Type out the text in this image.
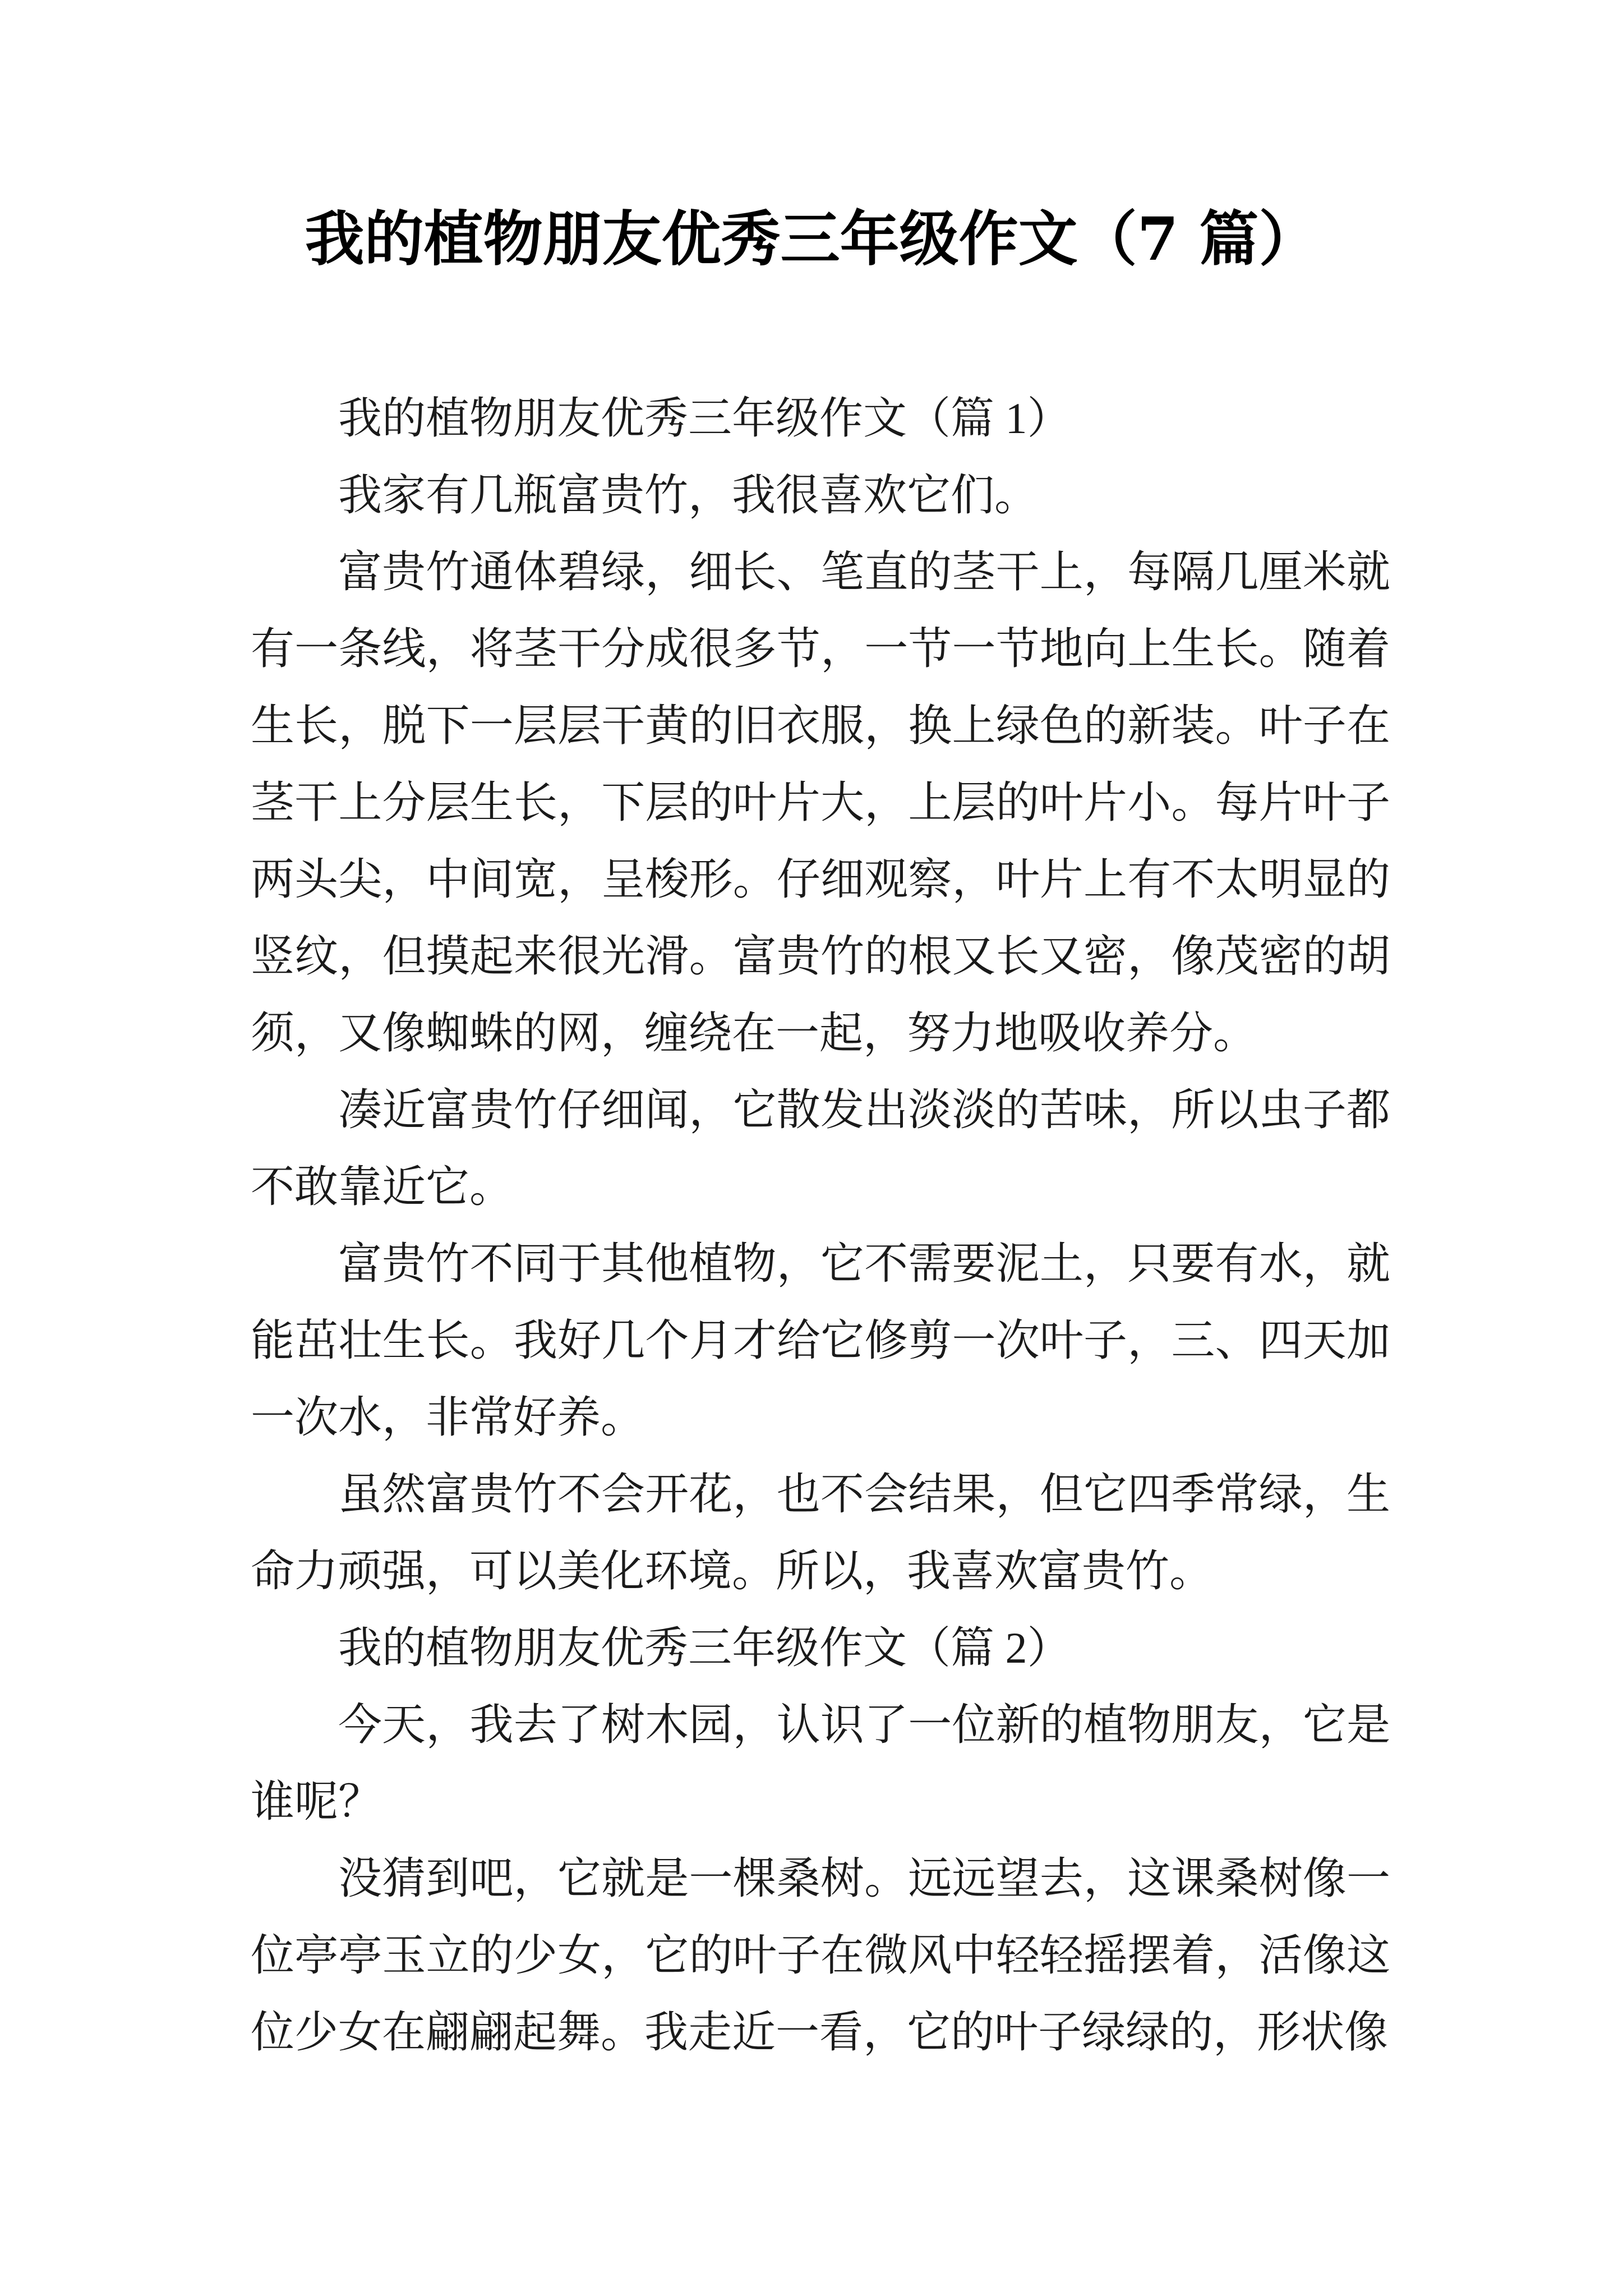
我的植物朋友优秀三年级作文（7 篇）

我的植物朋友优秀三年级作文（篇 1）

我家有几瓶富贵竹，我很喜欢它们。

富贵竹通体碧绿，细长、笔直的茎干上，每隔几厘米就有一条线，将茎干分成很多节，一节一节地向上生长。随着生长，脱下一层层干黄的旧衣服，换上绿色的新装。叶子在茎干上分层生长，下层的叶片大，上层的叶片小。每片叶子两头尖，中间宽，呈梭形。仔细观察，叶片上有不太明显的竖纹，但摸起来很光滑。富贵竹的根又长又密，像茂密的胡须，又像蜘蛛的网，缠绕在一起，努力地吸收养分。

凑近富贵竹仔细闻，它散发出淡淡的苦味，所以虫子都不敢靠近它。

富贵竹不同于其他植物，它不需要泥土，只要有水，就能茁壮生长。我好几个月才给它修剪一次叶子，三、四天加一次水，非常好养。

虽然富贵竹不会开花，也不会结果，但它四季常绿，生命力顽强，可以美化环境。所以，我喜欢富贵竹。

我的植物朋友优秀三年级作文（篇 2）

今天，我去了树木园，认识了一位新的植物朋友，它是谁呢？

没猜到吧，它就是一棵桑树。远远望去，这课桑树像一位亭亭玉立的少女，它的叶子在微风中轻轻摇摆着，活像这位少女在翩翩起舞。我走近一看，它的叶子绿绿的，形状像
